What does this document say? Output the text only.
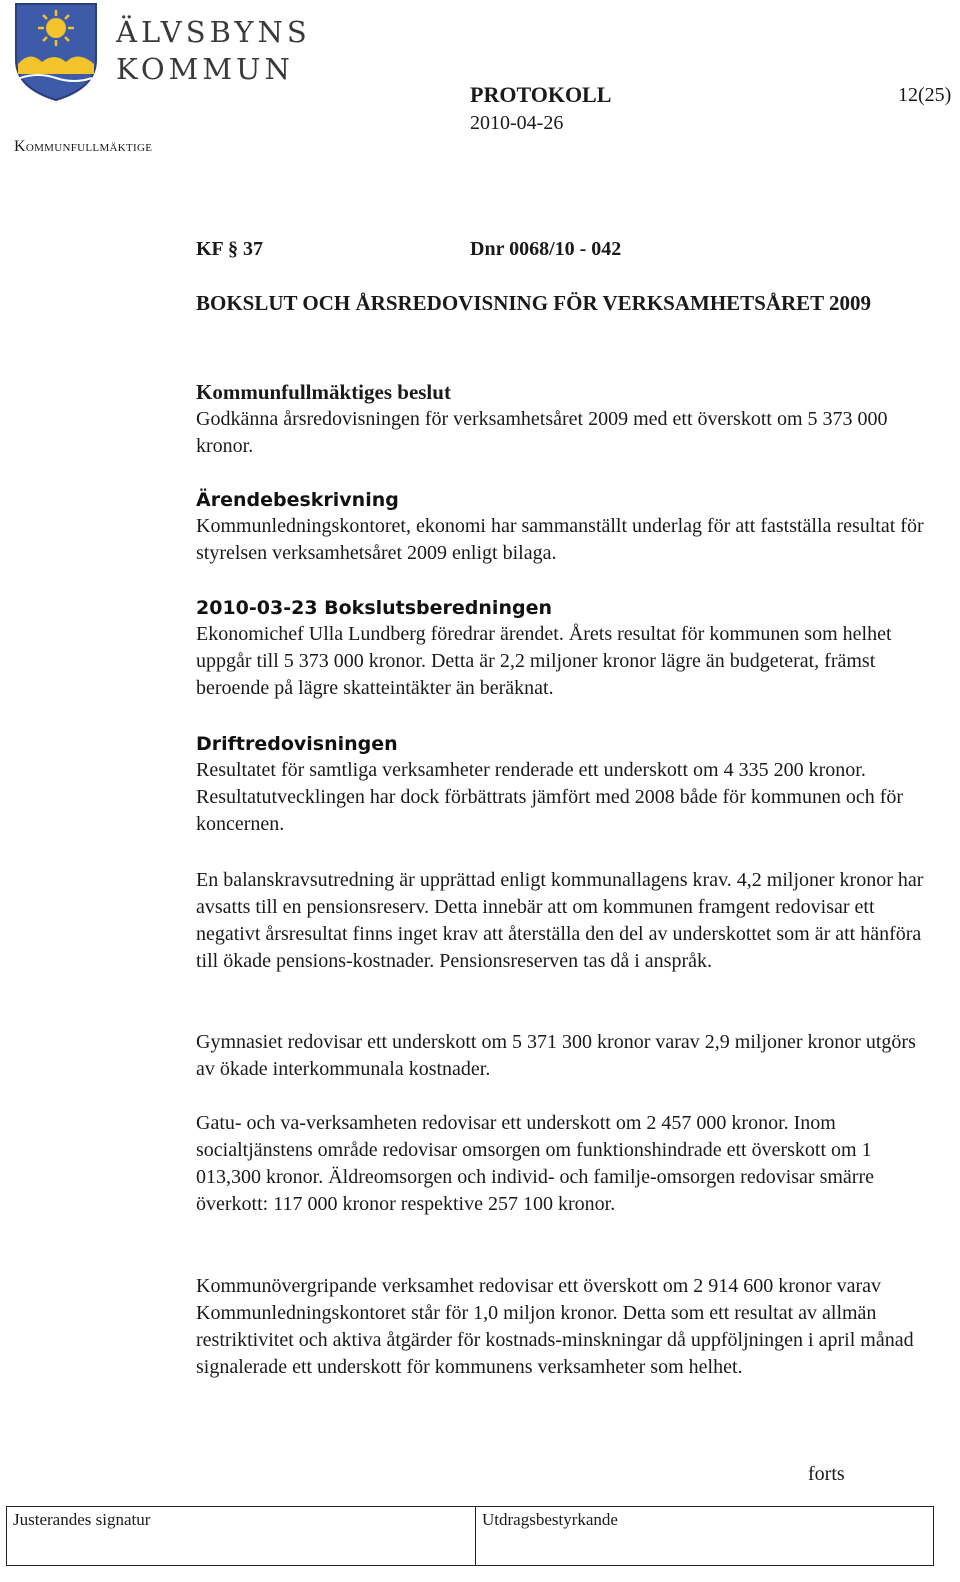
ÄLVSBYNS
KOMMUN
Kommunfullmäktige
PROTOKOLL
2010-04-26
12(25)
KF § 37	Dnr 0068/10 - 042
BOKSLUT OCH ÅRSREDOVISNING FÖR VERKSAMHETSÅRET 2009
Kommunfullmäktiges beslut

Godkänna årsredovisningen för verksamhetsåret 2009 med ett överskott om 5 373 000 kronor.

Ärendebeskrivning

Kommunledningskontoret, ekonomi har sammanställt underlag för att fastställa resultat för styrelsen verksamhetsåret 2009 enligt bilaga.

2010-03-23 Bokslutsberedningen

Ekonomichef Ulla Lundberg föredrar ärendet. Årets resultat för kommunen som helhet uppgår till 5 373 000 kronor. Detta är 2,2 miljoner kronor lägre än budgeterat, främst beroende på lägre skatteintäkter än beräknat.

Driftredovisningen

Resultatet för samtliga verksamheter renderade ett underskott om 4 335 200 kronor. Resultatutvecklingen har dock förbättrats jämfört med 2008 både för kommunen och för koncernen.

En balanskravsutredning är upprättad enligt kommunallagens krav. 4,2 miljoner kronor har avsatts till en pensionsreserv. Detta innebär att om kommunen framgent redovisar ett negativt årsresultat finns inget krav att återställa den del av underskottet som är att hänföra till ökade pensions-kostnader. Pensionsreserven tas då i anspråk.

Gymnasiet redovisar ett underskott om 5 371 300 kronor varav 2,9 miljoner kronor utgörs av ökade interkommunala kostnader.

Gatu- och va-verksamheten redovisar ett underskott om 2 457 000 kronor. Inom socialtjänstens område redovisar omsorgen om funktionshindrade ett överskott om 1 013,300 kronor. Äldreomsorgen och individ- och familje-omsorgen redovisar smärre överkott: 117 000 kronor respektive 257 100 kronor.

Kommunövergripande verksamhet redovisar ett överskott om 2 914 600 kronor varav Kommunledningskontoret står för 1,0 miljon kronor. Detta som ett resultat av allmän restriktivitet och aktiva åtgärder för kostnads-minskningar då uppföljningen i april månad signalerade ett underskott för kommunens verksamheter som helhet.

forts
Justerandes signatur	Utdragsbestyrkande
